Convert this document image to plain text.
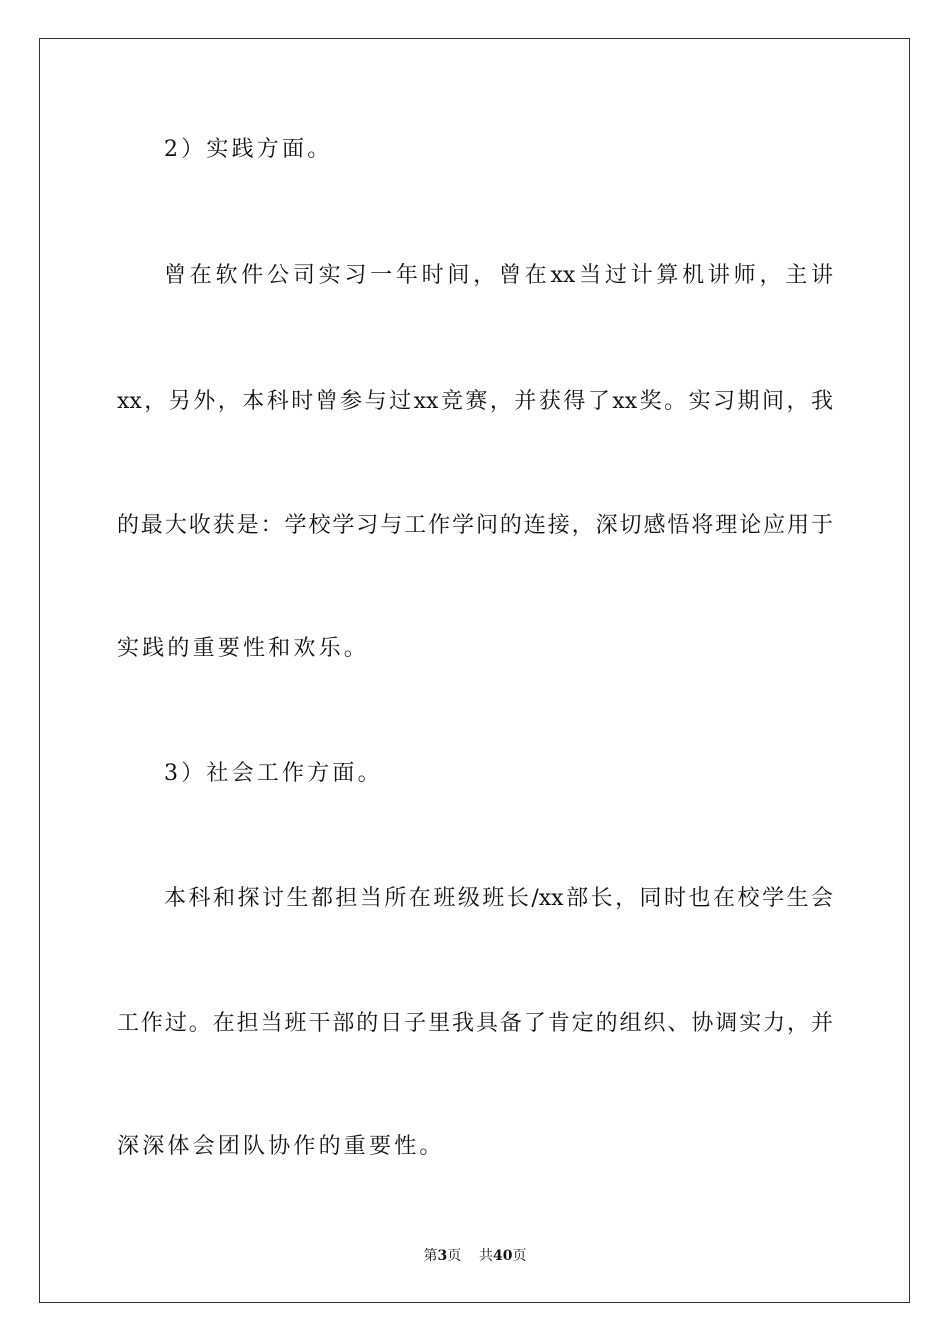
2）实践方面。
曾在软件公司实习一年时间，曾在xx当过计算机讲师，主讲
xx，另外，本科时曾参与过xx竞赛，并获得了xx奖。实习期间，我
的最大收获是：学校学习与工作学问的连接，深切感悟将理论应用于
实践的重要性和欢乐。
3）社会工作方面。
本科和探讨生都担当所在班级班长/xx部长，同时也在校学生会
工作过。在担当班干部的日子里我具备了肯定的组织、协调实力，并
深深体会团队协作的重要性。
第3页 共40页
